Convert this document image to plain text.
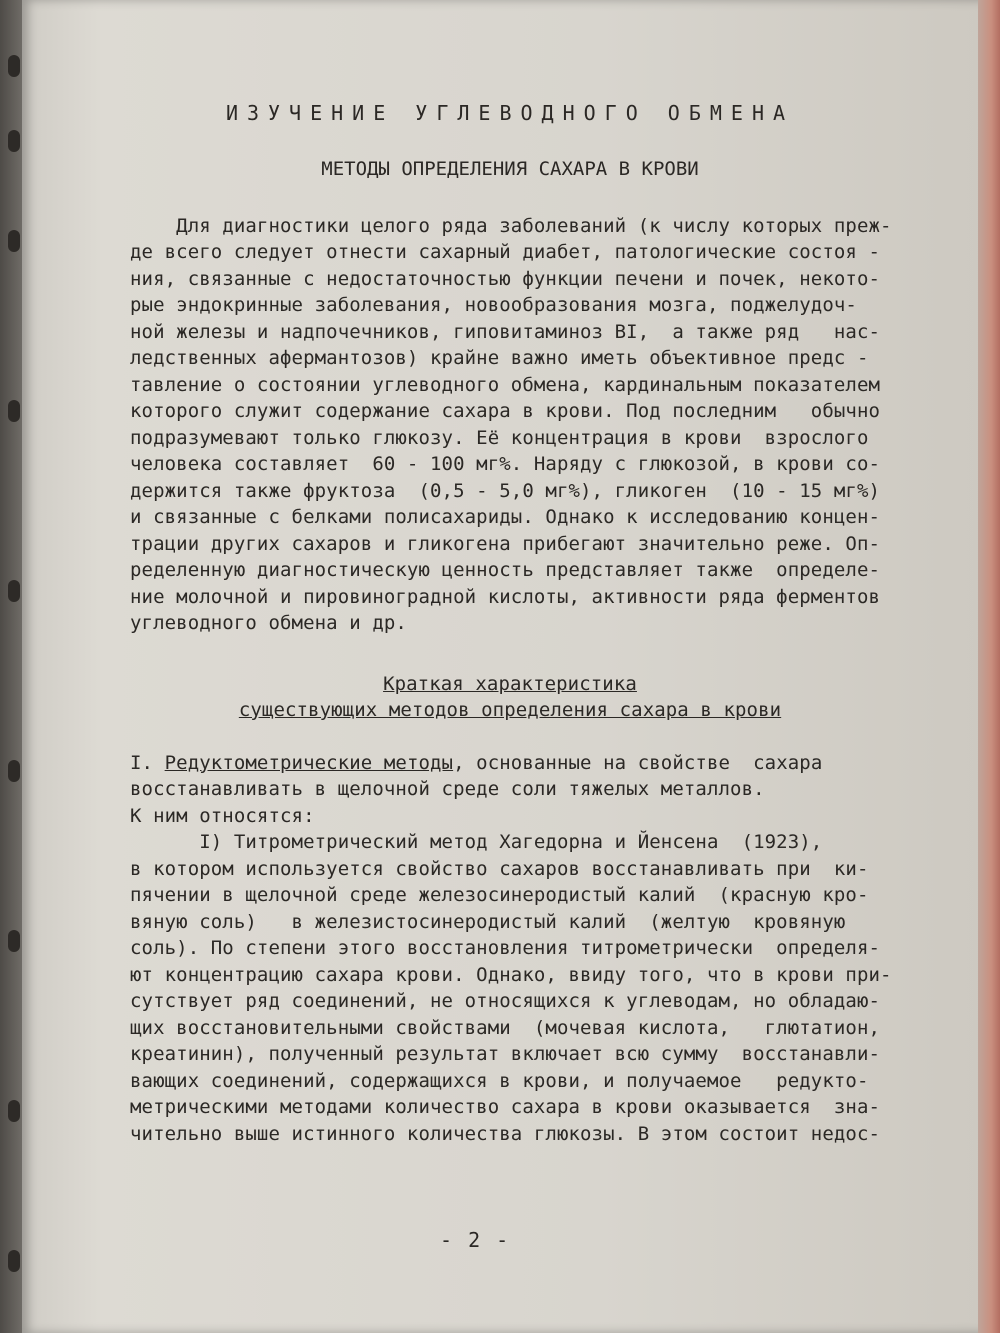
ИЗУЧЕНИЕ УГЛЕВОДНОГО ОБМЕНА
МЕТОДЫ ОПРЕДЕЛЕНИЯ САХАРА В КРОВИ
Для диагностики целого ряда заболеваний (к числу которых преж-
де всего следует отнести сахарный диабет, патологические состоя -
ния, связанные с недостаточностью функции печени и почек, некото-
рые эндокринные заболевания, новообразования мозга, поджелудоч-
ной железы и надпочечников, гиповитаминоз BI,  а также ряд   нас-
ледственных афермантозов) крайне важно иметь объективное предс -
тавление о состоянии углеводного обмена, кардинальным показателем
которого служит содержание сахара в крови. Под последним   обычно
подразумевают только глюкозу. Её концентрация в крови  взрослого
человека составляет  60 - 100 мг%. Наряду с глюкозой, в крови со-
держится также фруктоза  (0,5 - 5,0 мг%), гликоген  (10 - 15 мг%)
и связанные с белками полисахариды. Однако к исследованию концен-
трации других сахаров и гликогена прибегают значительно реже. Оп-
ределенную диагностическую ценность представляет также  определе-
ние молочной и пировиноградной кислоты, активности ряда ферментов
углеводного обмена и др.
Краткая характеристика
существующих методов определения сахара в крови
I. Редуктометрические методы, основанные на свойстве  сахара
восстанавливать в щелочной среде соли тяжелых металлов.
К ним относятся:
I) Титрометрический метод Хагедорна и Йенсена  (1923),
в котором используется свойство сахаров восстанавливать при  ки-
пячении в щелочной среде железосинеродистый калий  (красную кро-
вяную соль)   в железистосинеродистый калий  (желтую  кровяную
соль). По степени этого восстановления титрометрически  определя-
ют концентрацию сахара крови. Однако, ввиду того, что в крови при-
сутствует ряд соединений, не относящихся к углеводам, но обладаю-
щих восстановительными свойствами  (мочевая кислота,   глютатион,
креатинин), полученный результат включает всю сумму  восстанавли-
вающих соединений, содержащихся в крови, и получаемое   редукто-
метрическими методами количество сахара в крови оказывается  зна-
чительно выше истинного количества глюкозы. В этом состоит недос-
- 2 -
